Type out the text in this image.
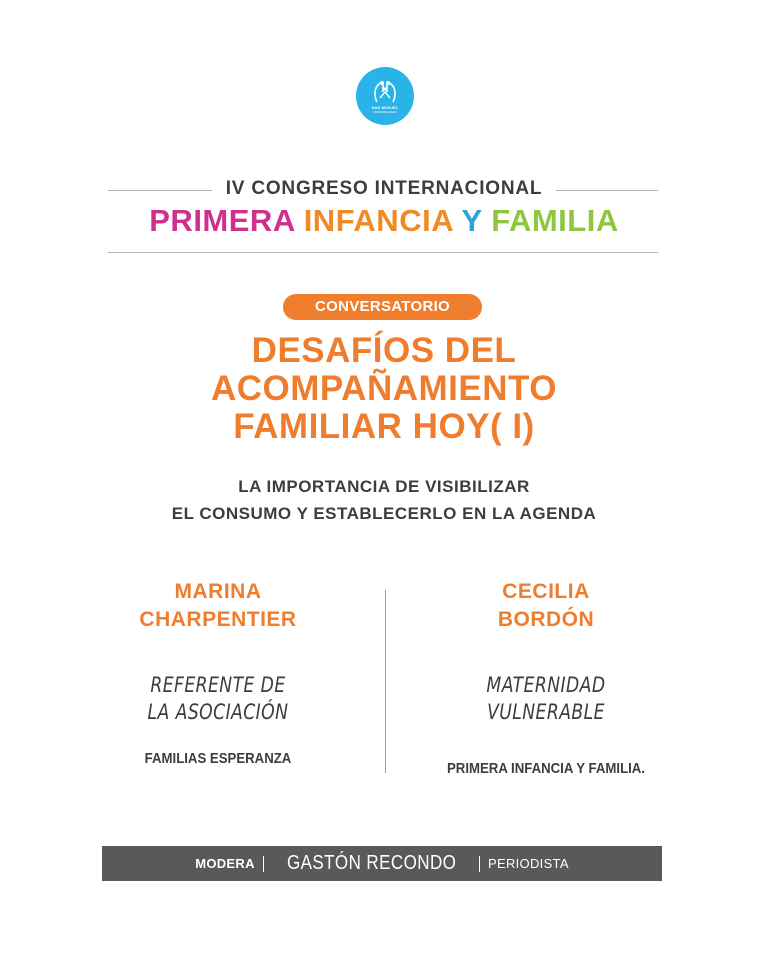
SAN MIGUEL
MUNICIPALIDAD
IV CONGRESO INTERNACIONAL
PRIMERA INFANCIA Y FAMILIA
CONVERSATORIO
DESAFÍOS DEL
ACOMPAÑAMIENTO
FAMILIAR HOY( I)
LA IMPORTANCIA DE VISIBILIZAR
EL CONSUMO Y ESTABLECERLO EN LA AGENDA
MARINA
CHARPENTIER
REFERENTE DE
LA ASOCIACIÓN
FAMILIAS ESPERANZA
CECILIA
BORDÓN
MATERNIDAD
VULNERABLE
PRIMERA INFANCIA Y FAMILIA.
MODERA GASTÓN RECONDO PERIODISTA
